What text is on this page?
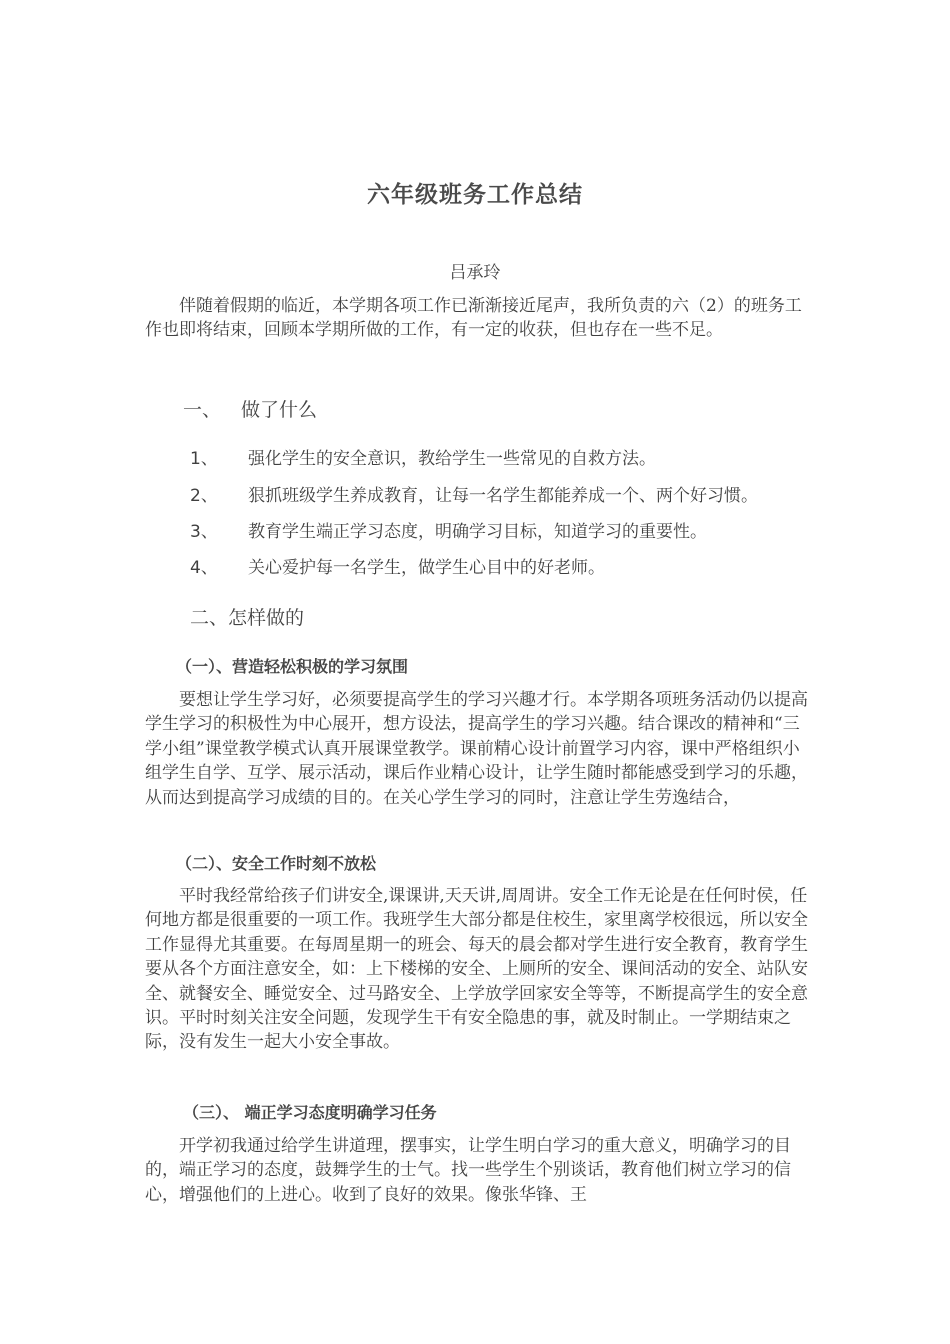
六年级班务工作总结
吕承玲

伴随着假期的临近，本学期各项工作已渐渐接近尾声，我所负责的六（2）的班务工作也即将结束，回顾本学期所做的工作，有一定的收获，但也存在一些不足。

一、 做了什么
1、 强化学生的安全意识，教给学生一些常见的自救方法。
2、 狠抓班级学生养成教育，让每一名学生都能养成一个、两个好习惯。
3、 教育学生端正学习态度，明确学习目标，知道学习的重要性。
4、 关心爱护每一名学生，做学生心目中的好老师。
二、怎样做的
（一）、营造轻松积极的学习氛围

要想让学生学习好，必须要提高学生的学习兴趣才行。本学期各项班务活动仍以提高学生学习的积极性为中心展开，想方设法，提高学生的学习兴趣。结合课改的精神和“三学小组”课堂教学模式认真开展课堂教学。课前精心设计前置学习内容，课中严格组织小组学生自学、互学、展示活动，课后作业精心设计，让学生随时都能感受到学习的乐趣，从而达到提高学习成绩的目的。在关心学生学习的同时，注意让学生劳逸结合，

（二）、安全工作时刻不放松

平时我经常给孩子们讲安全,课课讲,天天讲,周周讲。安全工作无论是在任何时侯，任何地方都是很重要的一项工作。我班学生大部分都是住校生，家里离学校很远，所以安全工作显得尤其重要。在每周星期一的班会、每天的晨会都对学生进行安全教育，教育学生要从各个方面注意安全，如：上下楼梯的安全、上厕所的安全、课间活动的安全、站队安全、就餐安全、睡觉安全、过马路安全、上学放学回家安全等等，不断提高学生的安全意识。平时时刻关注安全问题，发现学生干有安全隐患的事，就及时制止。一学期结束之际，没有发生一起大小安全事故。

（三）、 端正学习态度明确学习任务

开学初我通过给学生讲道理，摆事实，让学生明白学习的重大意义，明确学习的目的，端正学习的态度，鼓舞学生的士气。找一些学生个别谈话，教育他们树立学习的信心，增强他们的上进心。收到了良好的效果。像张华锋、王
